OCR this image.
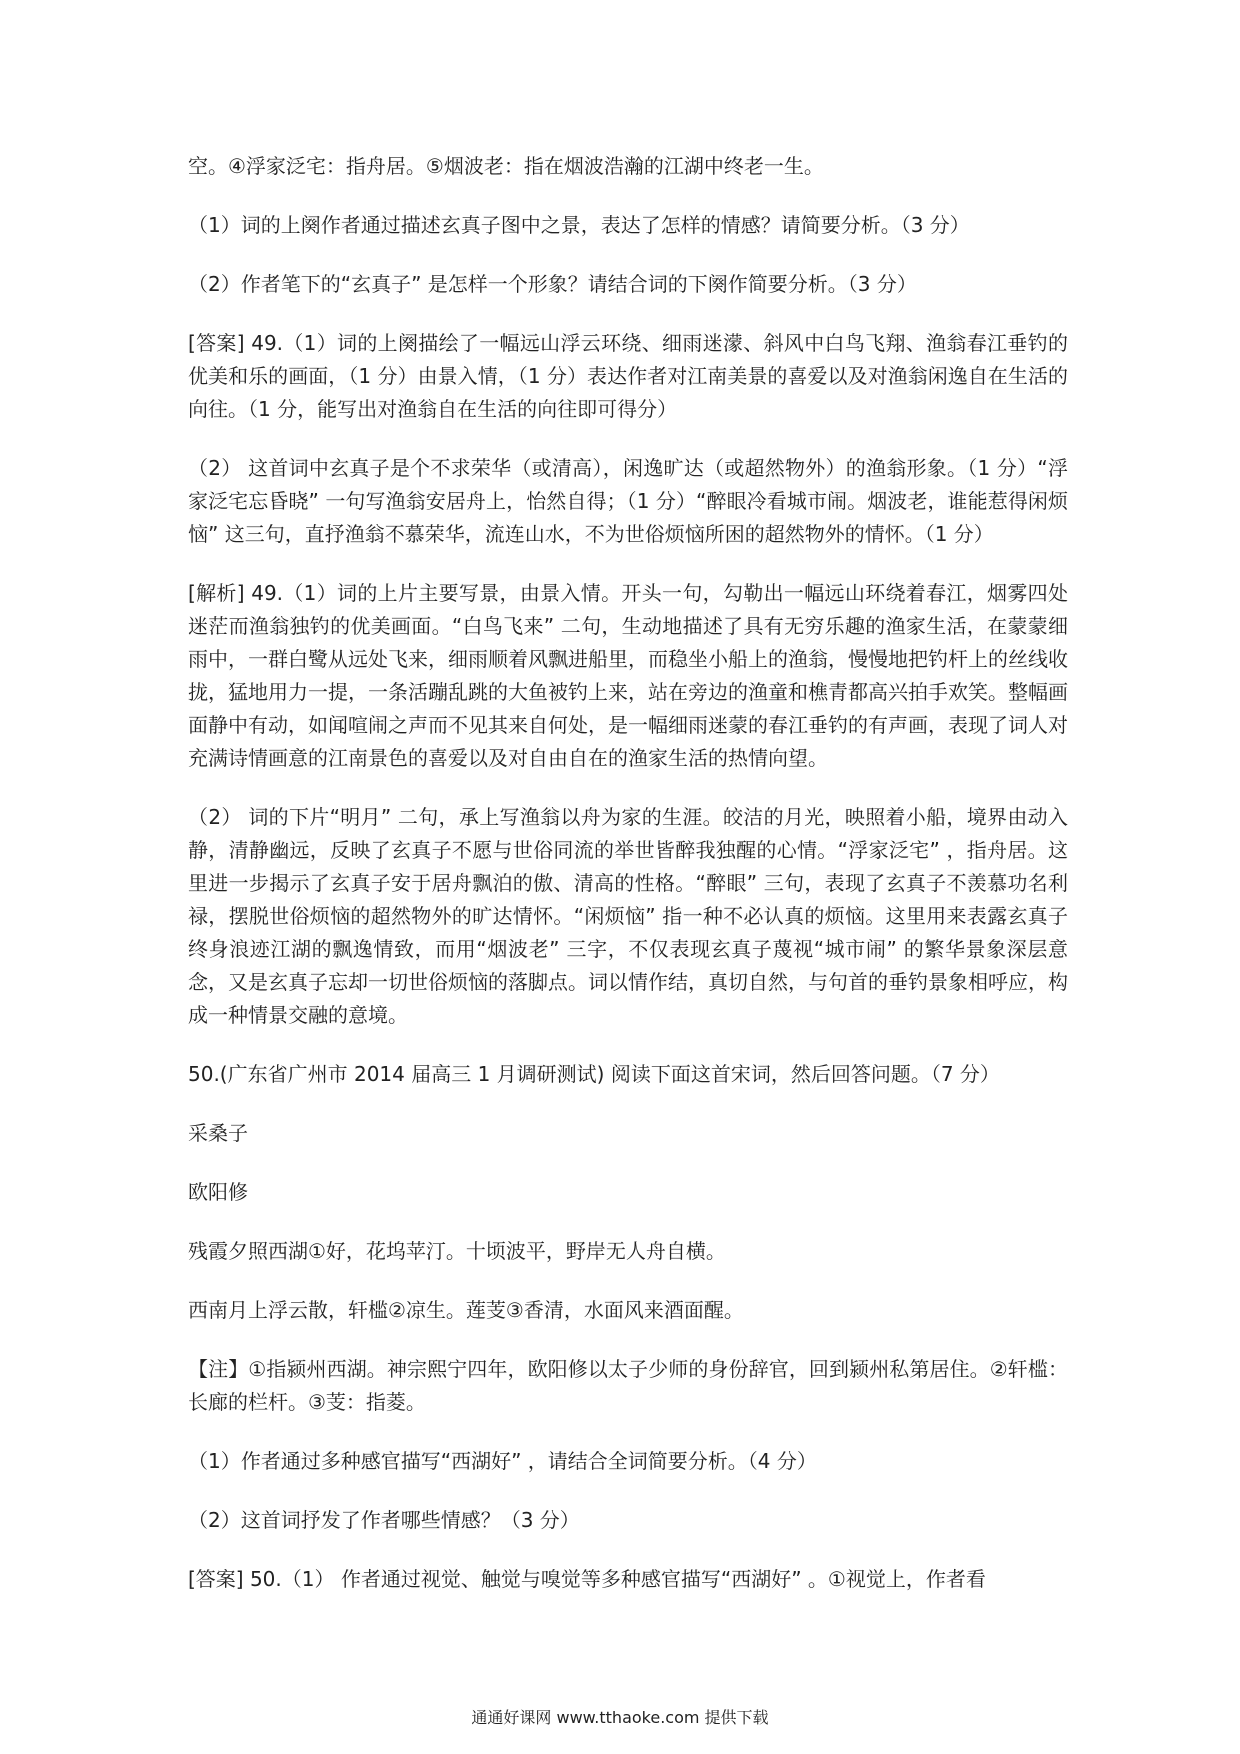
空。④浮家泛宅：指舟居。⑤烟波老：指在烟波浩瀚的江湖中终老一生。

（1）词的上阕作者通过描述玄真子图中之景，表达了怎样的情感？请简要分析。（3 分）

（2）作者笔下的“玄真子” 是怎样一个形象？请结合词的下阕作简要分析。（3 分）

[答案] 49.（1）词的上阕描绘了一幅远山浮云环绕、细雨迷濛、斜风中白鸟飞翔、渔翁春江垂钓的优美和乐的画面，（1 分）由景入情，（1 分）表达作者对江南美景的喜爱以及对渔翁闲逸自在生活的向往。（1 分，能写出对渔翁自在生活的向往即可得分）

（2） 这首词中玄真子是个不求荣华（或清高），闲逸旷达（或超然物外）的渔翁形象。（1 分）“浮家泛宅忘昏晓” 一句写渔翁安居舟上，怡然自得；（1 分）“醉眼冷看城市闹。烟波老，谁能惹得闲烦恼” 这三句，直抒渔翁不慕荣华，流连山水，不为世俗烦恼所困的超然物外的情怀。（1 分）

[解析] 49.（1）词的上片主要写景，由景入情。开头一句，勾勒出一幅远山环绕着春江，烟雾四处迷茫而渔翁独钓的优美画面。“白鸟飞来” 二句，生动地描述了具有无穷乐趣的渔家生活，在蒙蒙细雨中，一群白鹭从远处飞来，细雨顺着风飘进船里，而稳坐小船上的渔翁，慢慢地把钓杆上的丝线收拢，猛地用力一提，一条活蹦乱跳的大鱼被钓上来，站在旁边的渔童和樵青都高兴拍手欢笑。整幅画面静中有动，如闻喧闹之声而不见其来自何处，是一幅细雨迷蒙的春江垂钓的有声画，表现了词人对充满诗情画意的江南景色的喜爱以及对自由自在的渔家生活的热情向望。

（2） 词的下片“明月” 二句，承上写渔翁以舟为家的生涯。皎洁的月光，映照着小船，境界由动入静，清静幽远，反映了玄真子不愿与世俗同流的举世皆醉我独醒的心情。“浮家泛宅” ，指舟居。这里进一步揭示了玄真子安于居舟飘泊的傲、清高的性格。“醉眼” 三句，表现了玄真子不羡慕功名利禄，摆脱世俗烦恼的超然物外的旷达情怀。“闲烦恼” 指一种不必认真的烦恼。这里用来表露玄真子终身浪迹江湖的飘逸情致，而用“烟波老” 三字，不仅表现玄真子蔑视“城市闹” 的繁华景象深层意念，又是玄真子忘却一切世俗烦恼的落脚点。词以情作结，真切自然，与句首的垂钓景象相呼应，构成一种情景交融的意境。

50.(广东省广州市 2014 届高三 1 月调研测试) 阅读下面这首宋词，然后回答问题。（7 分）

采桑子

欧阳修

残霞夕照西湖①好，花坞苹汀。十顷波平，野岸无人舟自横。

西南月上浮云散，轩槛②凉生。莲芰③香清，水面风来酒面醒。

【注】①指颍州西湖。神宗熙宁四年，欧阳修以太子少师的身份辞官，回到颍州私第居住。②轩槛：长廊的栏杆。③芰：指菱。

（1）作者通过多种感官描写“西湖好” ，请结合全词简要分析。（4 分）

（2）这首词抒发了作者哪些情感？（3 分）

[答案] 50.（1） 作者通过视觉、触觉与嗅觉等多种感官描写“西湖好” 。①视觉上，作者看

通通好课网 www.tthaoke.com 提供下载
